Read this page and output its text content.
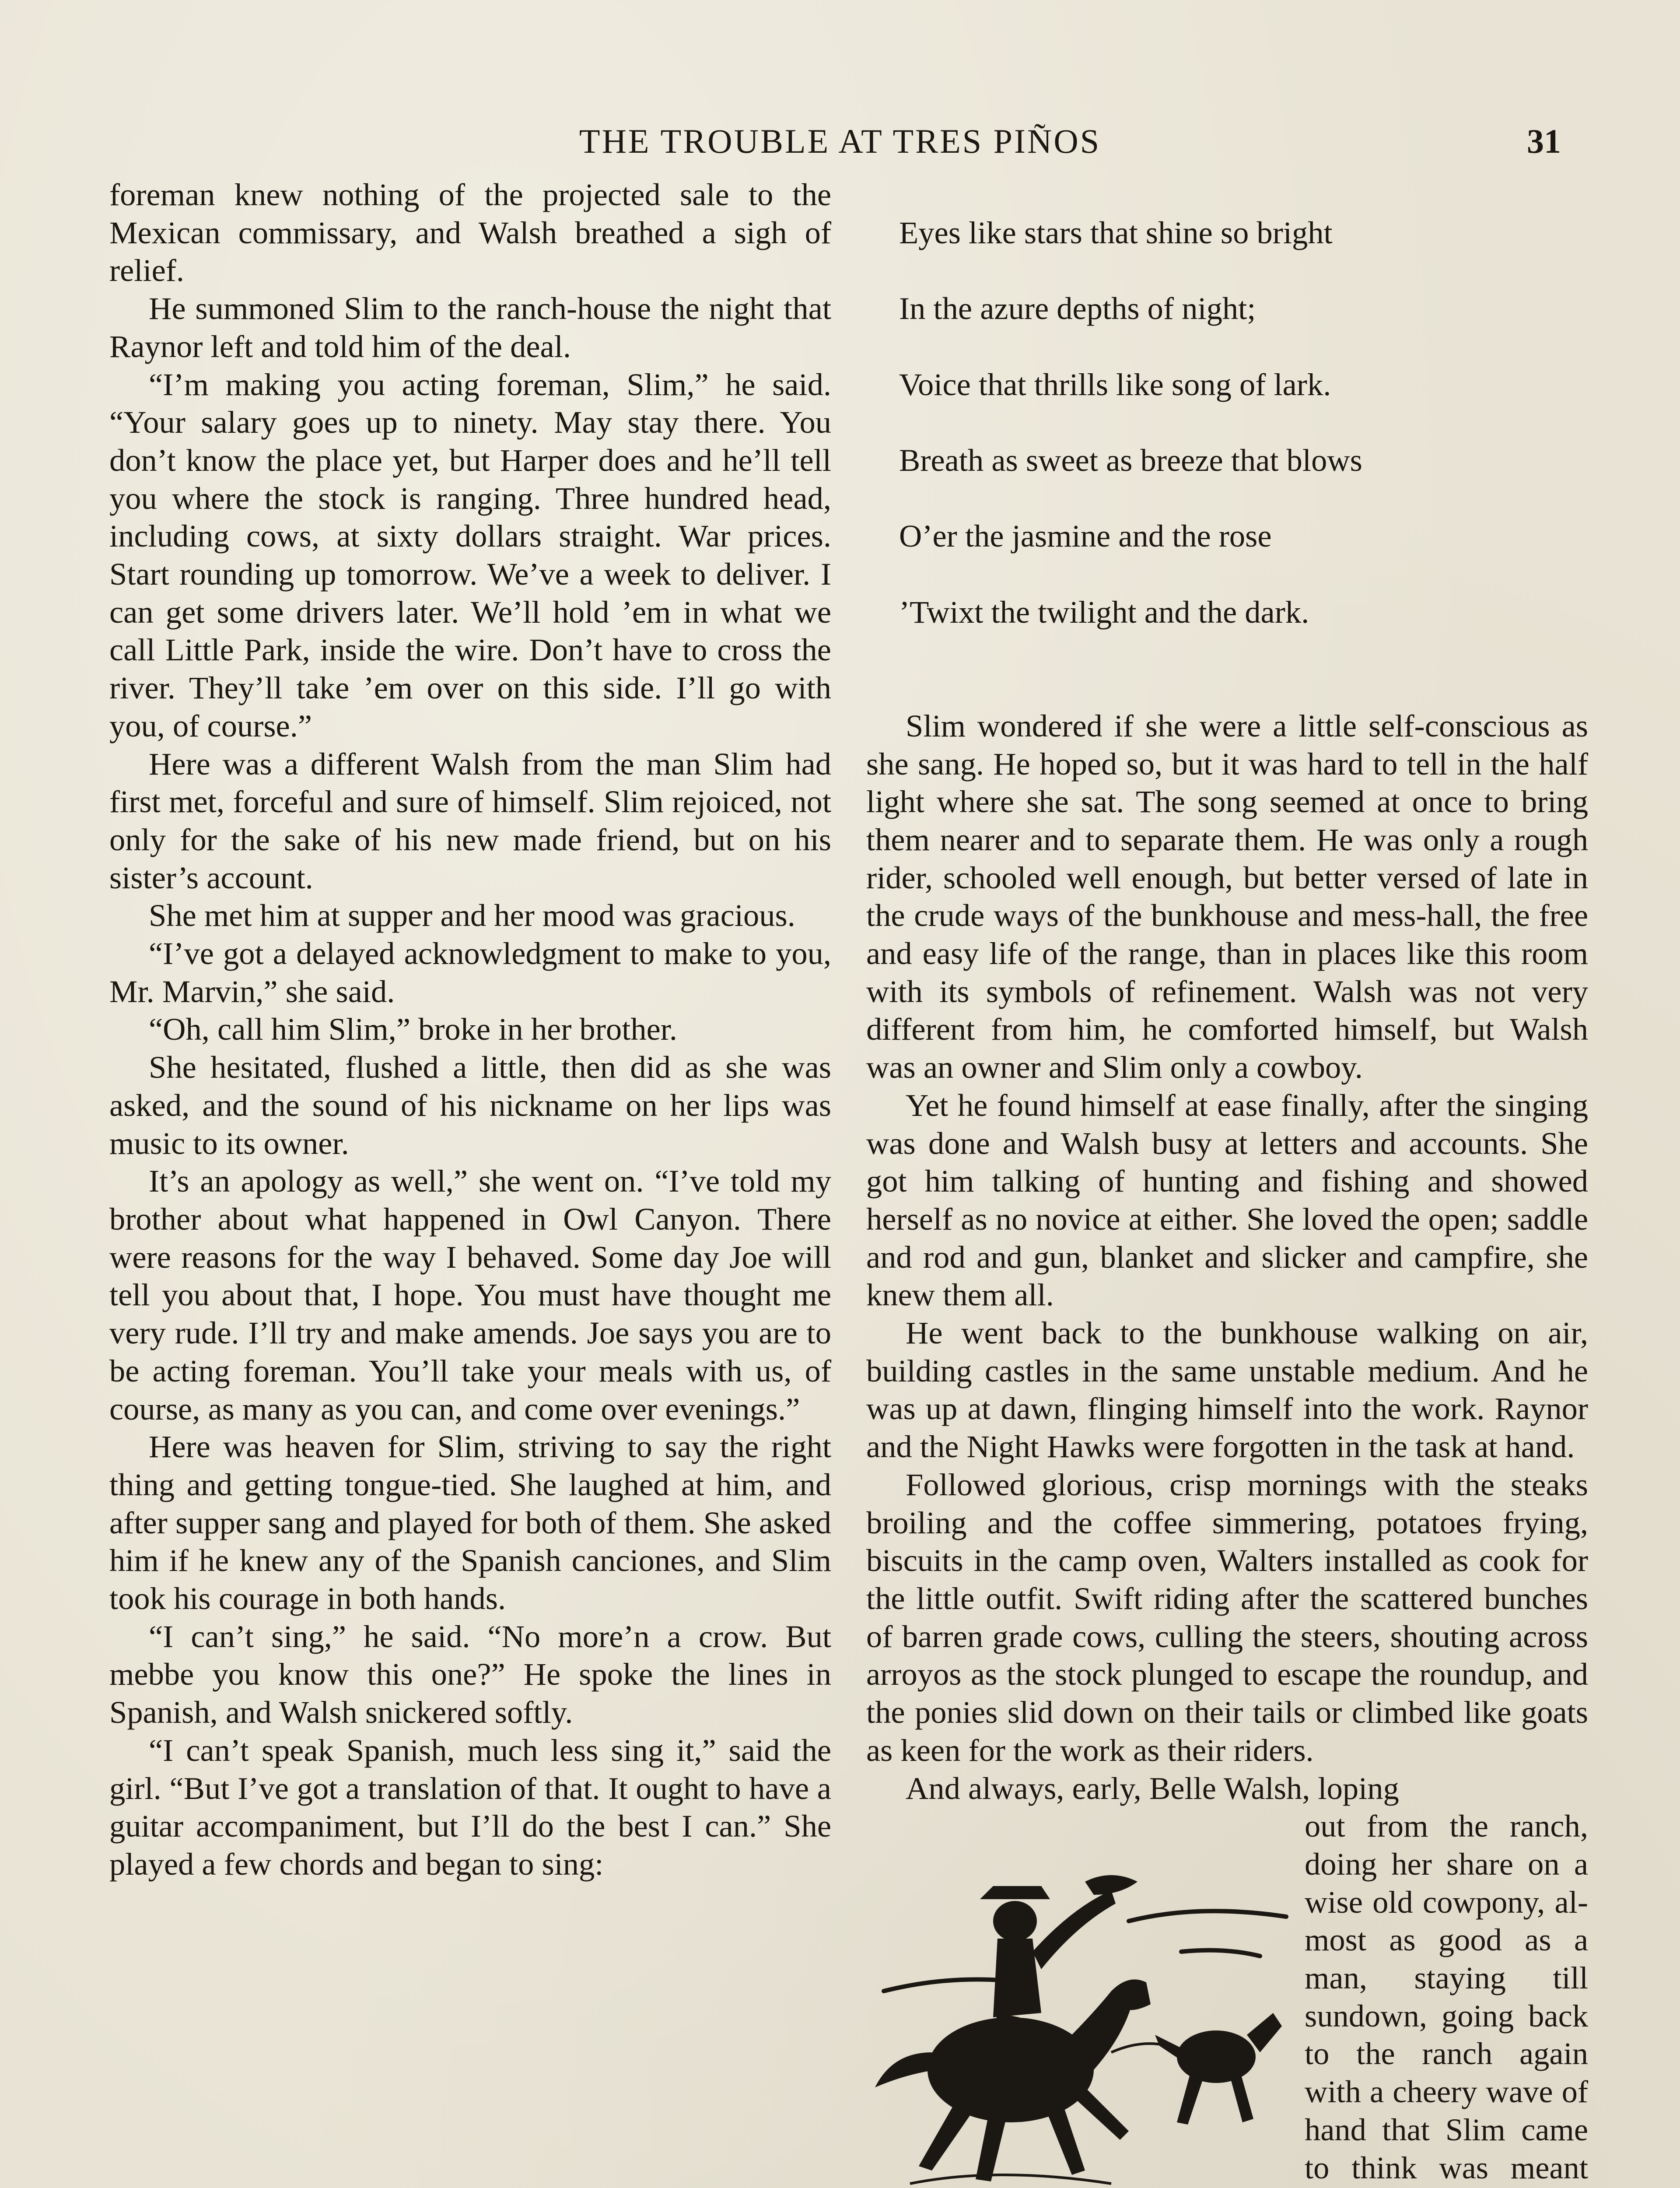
THE TROUBLE AT TRES PIÑOS	31

foreman knew nothing of the projected sale to the Mexican commissary, and Walsh breathed a sigh of relief.

He summoned Slim to the ranch-house the night that Raynor left and told him of the deal.

“I’m making you acting foreman, Slim,” he said. “Your salary goes up to ninety. May stay there. You don’t know the place yet, but Harper does and he’ll tell you where the stock is ranging. Three hundred head, including cows, at sixty dollars straight. War prices. Start rounding up tomorrow. We’ve a week to deliver. I can get some drivers later. We’ll hold ’em in what we call Little Park, inside the wire. Don’t have to cross the river. They’ll take ’em over on this side. I’ll go with you, of course.”

Here was a different Walsh from the man Slim had first met, forceful and sure of himself. Slim rejoiced, not only for the sake of his new made friend, but on his sister’s account.

She met him at supper and her mood was gracious.

“I’ve got a delayed acknowledgment to make to you, Mr. Marvin,” she said.

“Oh, call him Slim,” broke in her brother.

She hesitated, flushed a little, then did as she was asked, and the sound of his nickname on her lips was music to its owner.

It’s an apology as well,” she went on. “I’ve told my brother about what happened in Owl Canyon. There were reasons for the way I behaved. Some day Joe will tell you about that, I hope. You must have thought me very rude. I’ll try and make amends. Joe says you are to be acting foreman. You’ll take your meals with us, of course, as many as you can, and come over evenings.”

Here was heaven for Slim, striving to say the right thing and getting tongue-tied. She laughed at him, and after supper sang and played for both of them. She asked him if he knew any of the Spanish canciones, and Slim took his courage in both hands.

“I can’t sing,” he said. “No more’n a crow. But mebbe you know this one?” He spoke the lines in Spanish, and Walsh snickered softly.

“I can’t speak Spanish, much less sing it,” said the girl. “But I’ve got a translation of that. It ought to have a guitar accompaniment, but I’ll do the best I can.” She played a few chords and began to sing:

Eyes like stars that shine so bright

In the azure depths of night;

Voice that thrills like song of lark.

Breath as sweet as breeze that blows

O’er the jasmine and the rose

’Twixt the twilight and the dark.

Slim wondered if she were a little self-conscious as she sang. He hoped so, but it was hard to tell in the half light where she sat. The song seemed at once to bring them nearer and to separate them. He was only a rough rider, schooled well enough, but better versed of late in the crude ways of the bunkhouse and mess-hall, the free and easy life of the range, than in places like this room with its symbols of refinement. Walsh was not very different from him, he comforted himself, but Walsh was an owner and Slim only a cowboy.

Yet he found himself at ease finally, after the singing was done and Walsh busy at letters and accounts. She got him talking of hunting and fishing and showed herself as no novice at either. She loved the open; saddle and rod and gun, blanket and slicker and campfire, she knew them all.

He went back to the bunkhouse walking on air, building castles in the same unstable medium. And he was up at dawn, flinging himself into the work. Raynor and the Night Hawks were forgotten in the task at hand.

Followed glorious, crisp mornings with the steaks broiling and the coffee simmering, potatoes frying, biscuits in the camp oven, Walters installed as cook for the little outfit. Swift riding after the scattered bunches of barren grade cows, culling the steers, shouting across arroyos as the stock plunged to escape the roundup, and the ponies slid down on their tails or climbed like goats as keen for the work as their riders.

And always, early, Belle Walsh, loping

out from the ranch, doing her share on a wise old cowpony, almost as good as a man, staying till sundown, going back to the ranch again with a cheery wave of hand that Slim came to think was meant
